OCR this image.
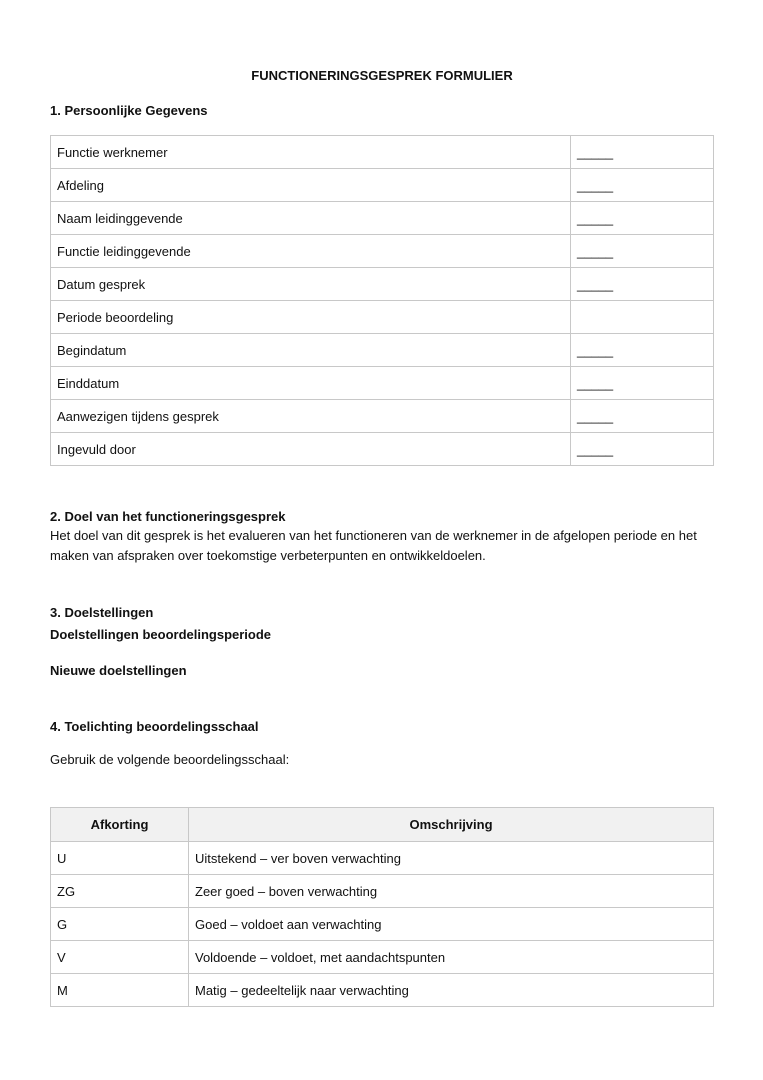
FUNCTIONERINGSGESPREK FORMULIER
1. Persoonlijke Gegevens
Functie werknemer	_____
Afdeling	_____
Naam leidinggevende	_____
Functie leidinggevende	_____
Datum gesprek	_____
Periode beoordeling	
Begindatum	_____
Einddatum	_____
Aanwezigen tijdens gesprek	_____
Ingevuld door	_____
2. Doel van het functioneringsgesprek
Het doel van dit gesprek is het evalueren van het functioneren van de werknemer in de afgelopen periode en het maken van afspraken over toekomstige verbeterpunten en ontwikkeldoelen.
3. Doelstellingen
Doelstellingen beoordelingsperiode
Nieuwe doelstellingen
4. Toelichting beoordelingsschaal
Gebruik de volgende beoordelingsschaal:
Afkorting	Omschrijving
U	Uitstekend – ver boven verwachting
ZG	Zeer goed – boven verwachting
G	Goed – voldoet aan verwachting
V	Voldoende – voldoet, met aandachtspunten
M	Matig – gedeeltelijk naar verwachting
